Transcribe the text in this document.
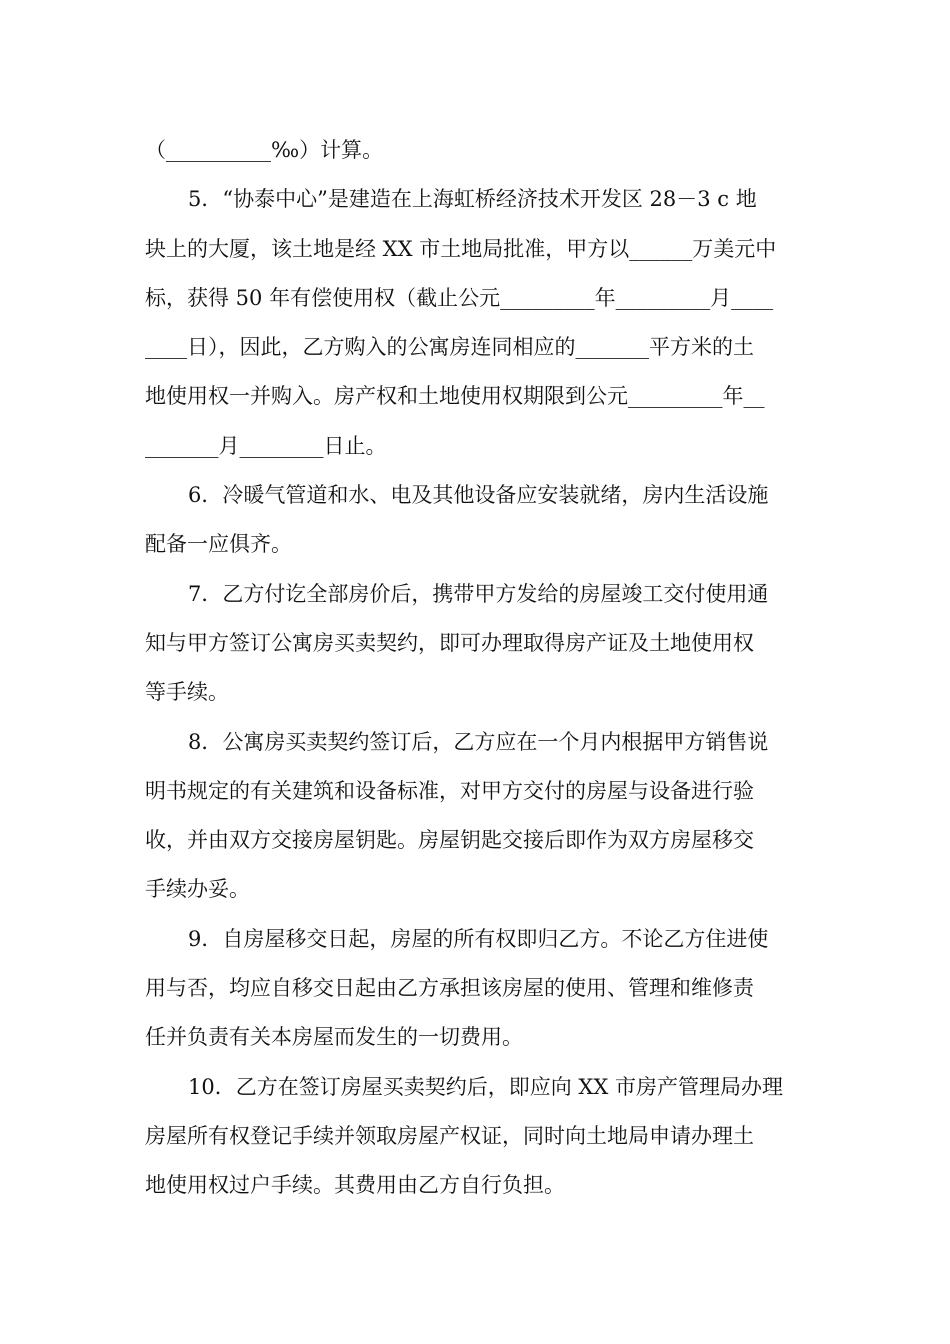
（__________‰）计算。
5．“协泰中心”是建造在上海虹桥经济技术开发区 28－3 c 地
块上的大厦，该土地是经 XX 市土地局批准，甲方以______万美元中
标，获得 50 年有偿使用权（截止公元_________年_________月____
____日），因此，乙方购入的公寓房连同相应的_______平方米的土
地使用权一并购入。房产权和土地使用权期限到公元_________年__
_______月________日止。
6．冷暖气管道和水、电及其他设备应安装就绪，房内生活设施
配备一应俱齐。
7．乙方付讫全部房价后，携带甲方发给的房屋竣工交付使用通
知与甲方签订公寓房买卖契约，即可办理取得房产证及土地使用权
等手续。
8．公寓房买卖契约签订后，乙方应在一个月内根据甲方销售说
明书规定的有关建筑和设备标准，对甲方交付的房屋与设备进行验
收，并由双方交接房屋钥匙。房屋钥匙交接后即作为双方房屋移交
手续办妥。
9．自房屋移交日起，房屋的所有权即归乙方。不论乙方住进使
用与否，均应自移交日起由乙方承担该房屋的使用、管理和维修责
任并负责有关本房屋而发生的一切费用。
10．乙方在签订房屋买卖契约后，即应向 XX 市房产管理局办理
房屋所有权登记手续并领取房屋产权证，同时向土地局申请办理土
地使用权过户手续。其费用由乙方自行负担。
